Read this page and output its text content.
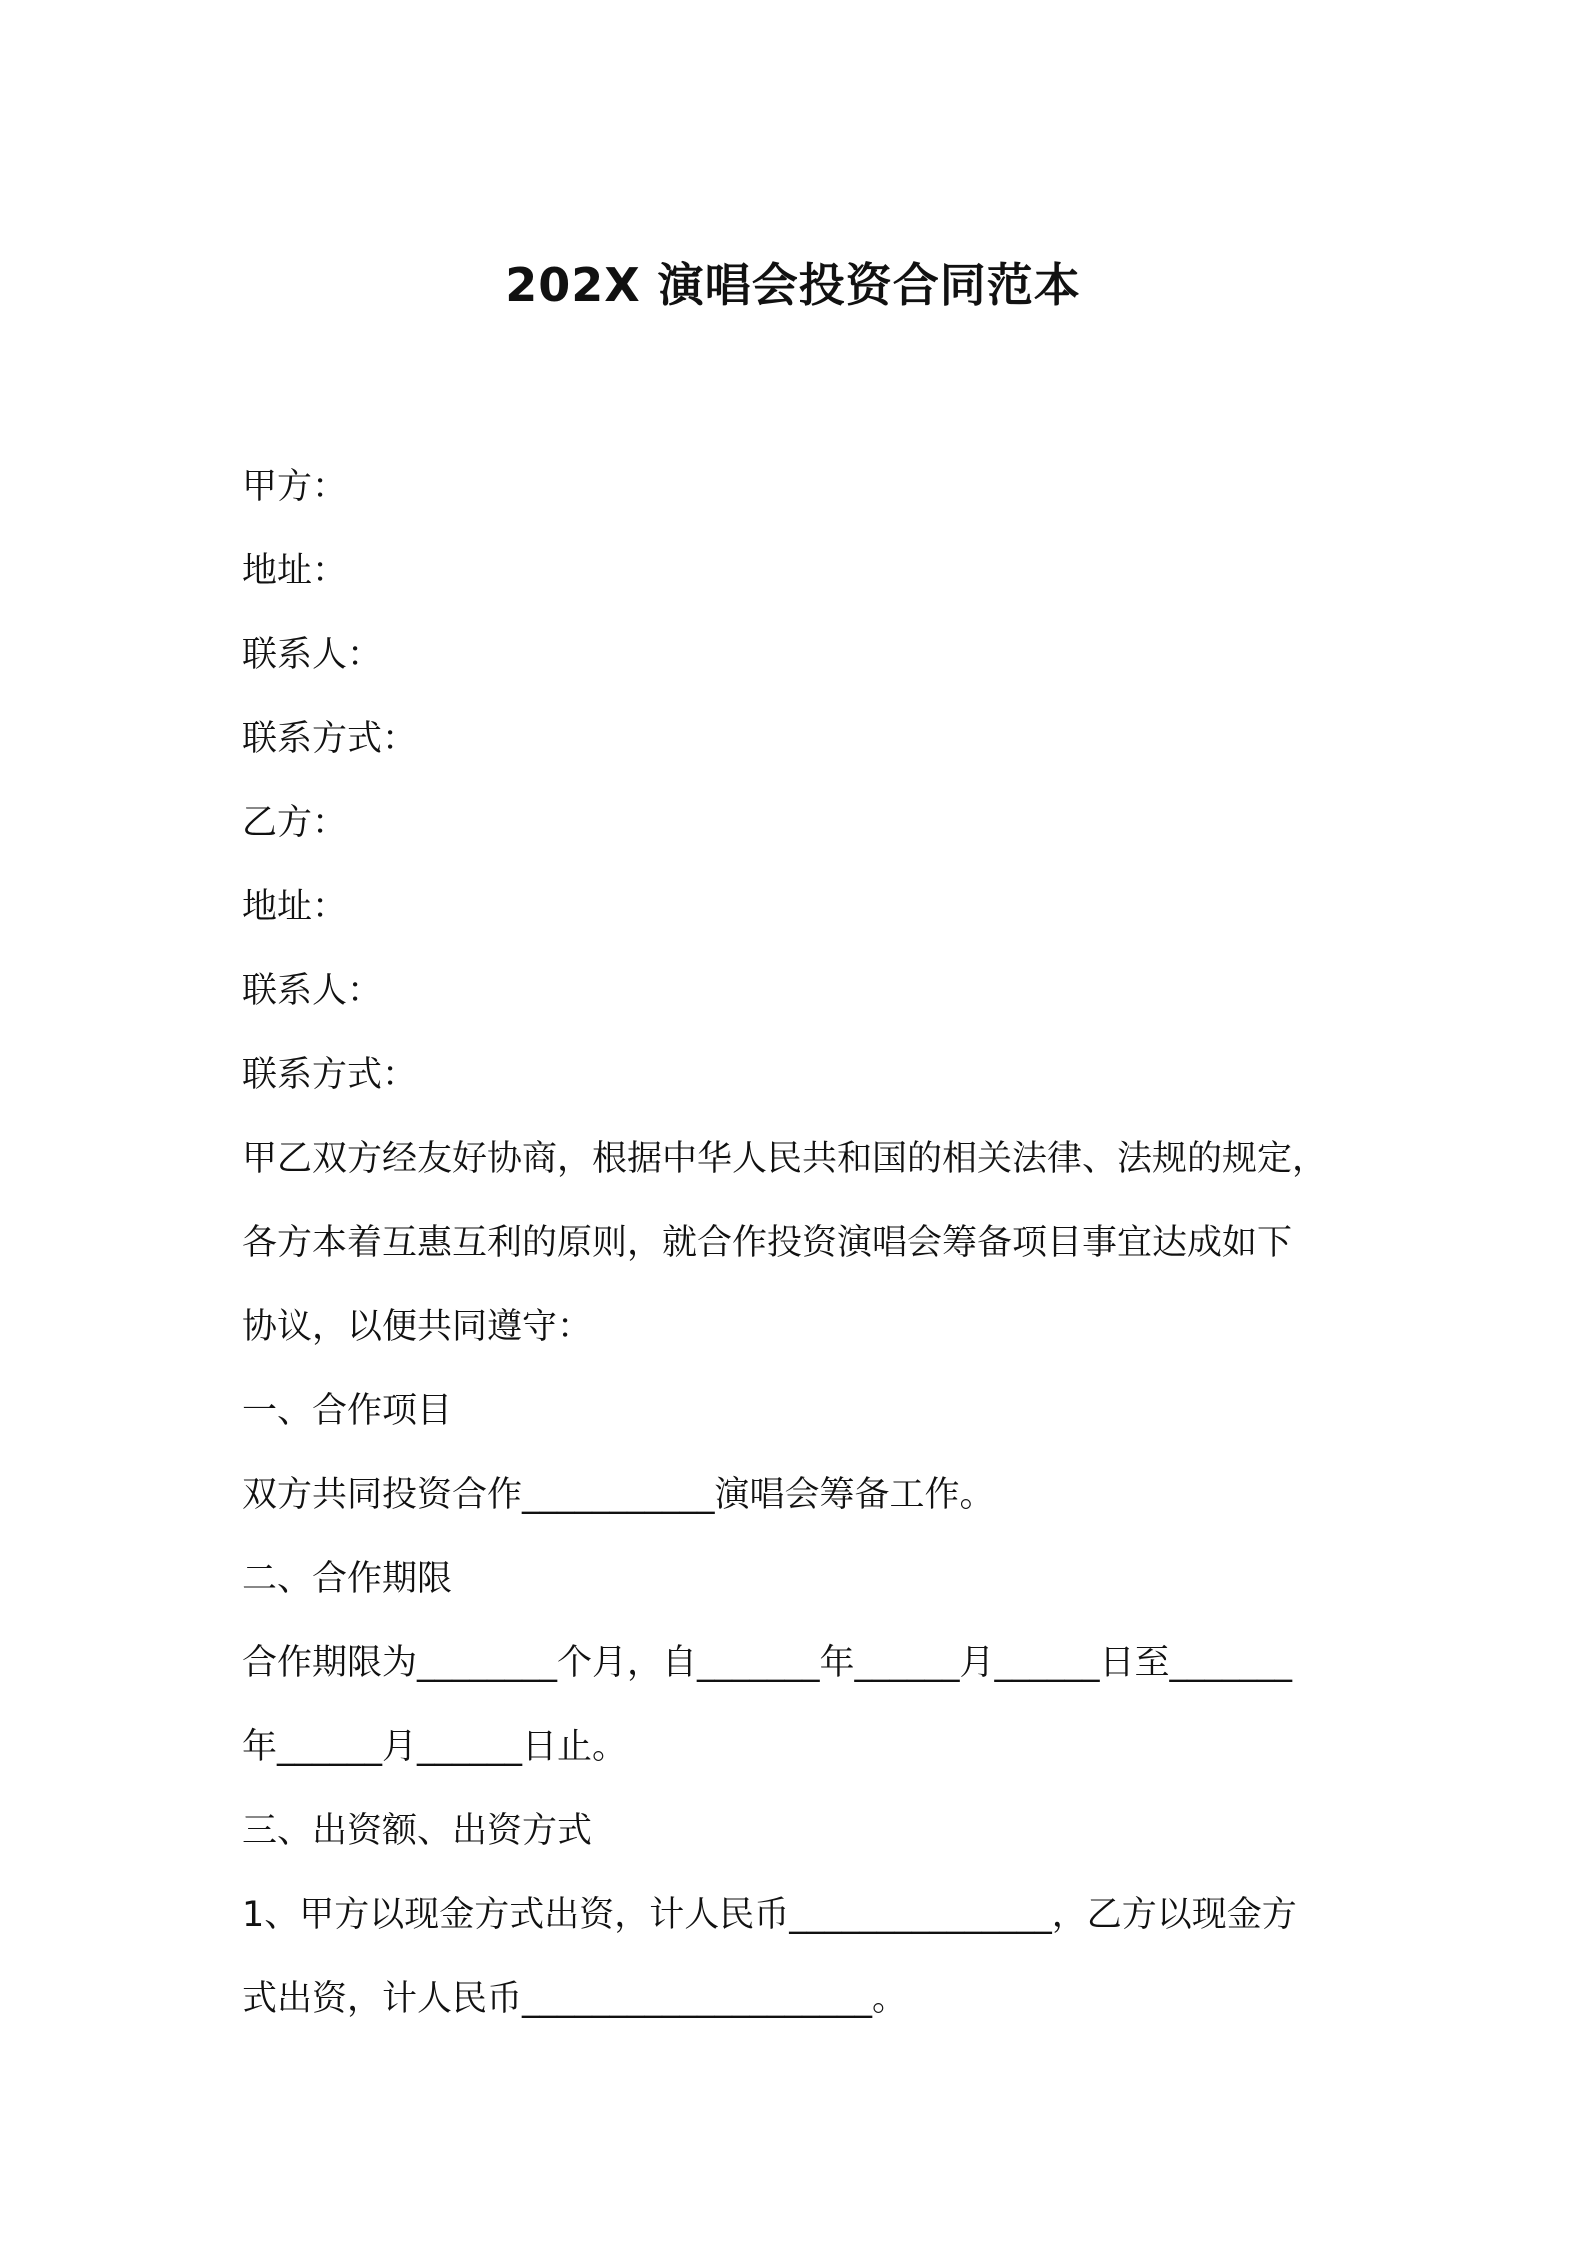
202X 演唱会投资合同范本

甲方：

地址：

联系人：

联系方式：

乙方：

地址：

联系人：

联系方式：

甲乙双方经友好协商，根据中华人民共和国的相关法律、法规的规定，

各方本着互惠互利的原则，就合作投资演唱会筹备项目事宜达成如下

协议，以便共同遵守：

一、合作项目

双方共同投资合作___________演唱会筹备工作。

二、合作期限

合作期限为________个月，自_______年______月______日至_______

年______月______日止。

三、出资额、出资方式

1、甲方以现金方式出资，计人民币_______________，乙方以现金方

式出资，计人民币____________________。
